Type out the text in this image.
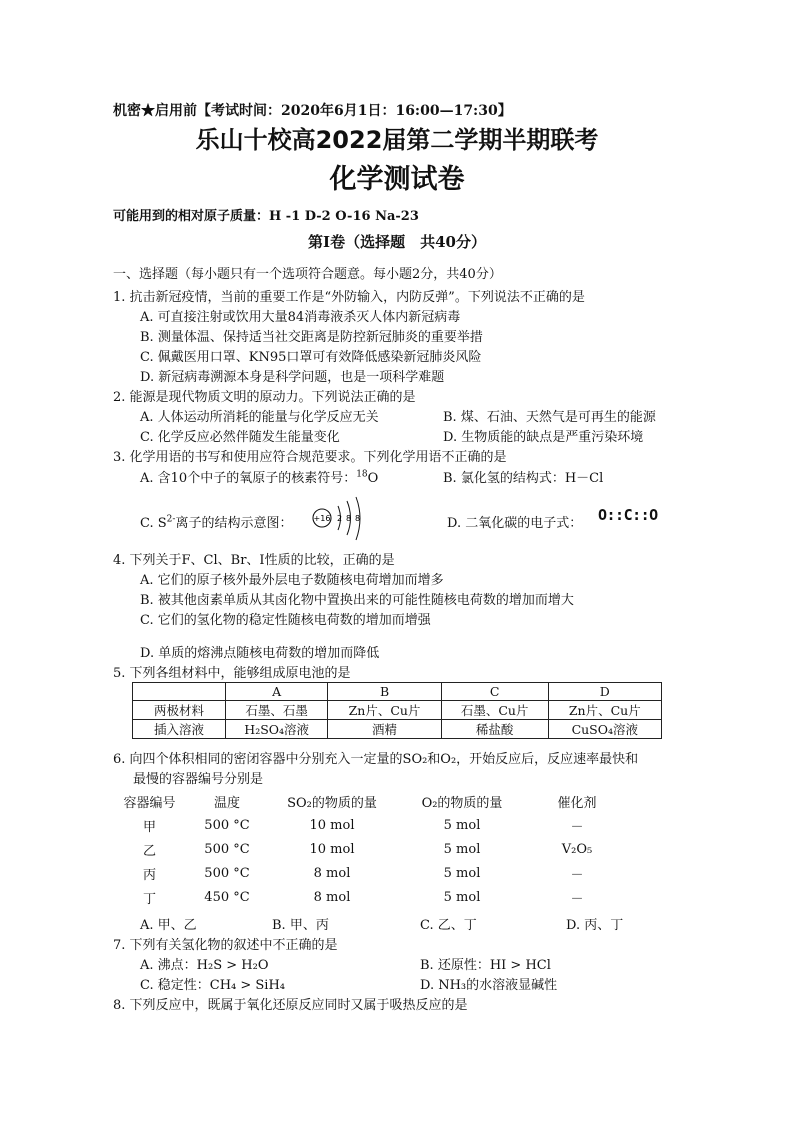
机密★启用前【考试时间：2020年6月1日：16:00—17:30】
乐山十校高2022届第二学期半期联考
化学测试卷
可能用到的相对原子质量：H -1 D-2 O-16 Na-23
第Ⅰ卷（选择题　共40分）
一、选择题（每小题只有一个选项符合题意。每小题2分，共40分）
1. 抗击新冠疫情，当前的重要工作是“外防输入，内防反弹”。下列说法不正确的是
A. 可直接注射或饮用大量84消毒液杀灭人体内新冠病毒
B. 测量体温、保持适当社交距离是防控新冠肺炎的重要举措
C. 佩戴医用口罩、KN95口罩可有效降低感染新冠肺炎风险
D. 新冠病毒溯源本身是科学问题，也是一项科学难题
2. 能源是现代物质文明的原动力。下列说法正确的是
A. 人体运动所消耗的能量与化学反应无关	B. 煤、石油、天然气是可再生的能源
C. 化学反应必然伴随发生能量变化	D. 生物质能的缺点是严重污染环境
3. 化学用语的书写和使用应符合规范要求。下列化学用语不正确的是
A. 含10个中子的氧原子的核素符号：$^{18}$O	B. 氯化氢的结构式：H－Cl
C. $S^{2-}$离子的结构示意图：	+16 2 8 8	D. 二氧化碳的电子式： O::C::O
4. 下列关于F、Cl、Br、I性质的比较，正确的是
A. 它们的原子核外最外层电子数随核电荷增加而增多
B. 被其他卤素单质从其卤化物中置换出来的可能性随核电荷数的增加而增大
C. 它们的氢化物的稳定性随核电荷数的增加而增强
D. 单质的熔沸点随核电荷数的增加而降低
5. 下列各组材料中，能够组成原电池的是
	A	B	C	D
两极材料	石墨、石墨	Zn片、Cu片	石墨、Cu片	Zn片、Cu片
插入溶液	H₂SO₄溶液	酒精	稀盐酸	CuSO₄溶液
6. 向四个体积相同的密闭容器中分别充入一定量的SO₂和O₂，开始反应后，反应速率最快和
最慢的容器编号分别是
容器编号	温度	SO₂的物质的量	O₂的物质的量	催化剂
甲	500 °C	10 mol	5 mol	－
乙	500 °C	10 mol	5 mol	V₂O₅
丙	500 °C	8 mol	5 mol	－
丁	450 °C	8 mol	5 mol	－
A. 甲、乙	B. 甲、丙	C. 乙、丁	D. 丙、丁
7. 下列有关氢化物的叙述中不正确的是
A. 沸点：H₂S > H₂O	B. 还原性：HI > HCl
C. 稳定性：CH₄ > SiH₄	D. NH₃的水溶液显碱性
8. 下列反应中，既属于氧化还原反应同时又属于吸热反应的是
